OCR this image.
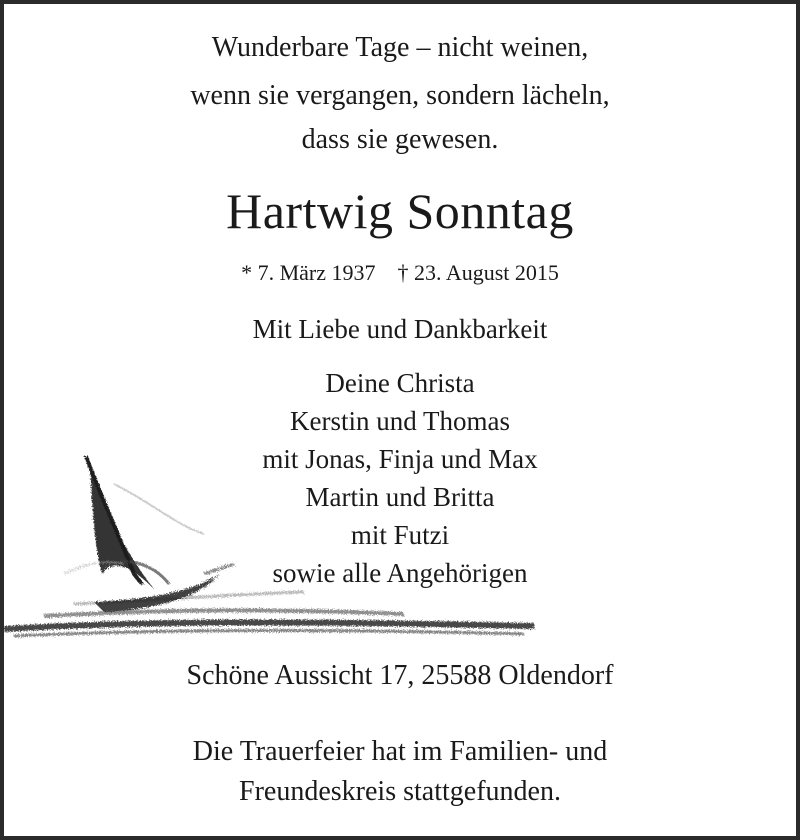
Wunderbare Tage – nicht weinen,
wenn sie vergangen, sondern lächeln,
dass sie gewesen.
Hartwig Sonntag
* 7. März 1937 † 23. August 2015
Mit Liebe und Dankbarkeit
Deine Christa
Kerstin und Thomas
mit Jonas, Finja und Max
Martin und Britta
mit Futzi
sowie alle Angehörigen
Schöne Aussicht 17, 25588 Oldendorf
Die Trauerfeier hat im Familien- und
Freundeskreis stattgefunden.
